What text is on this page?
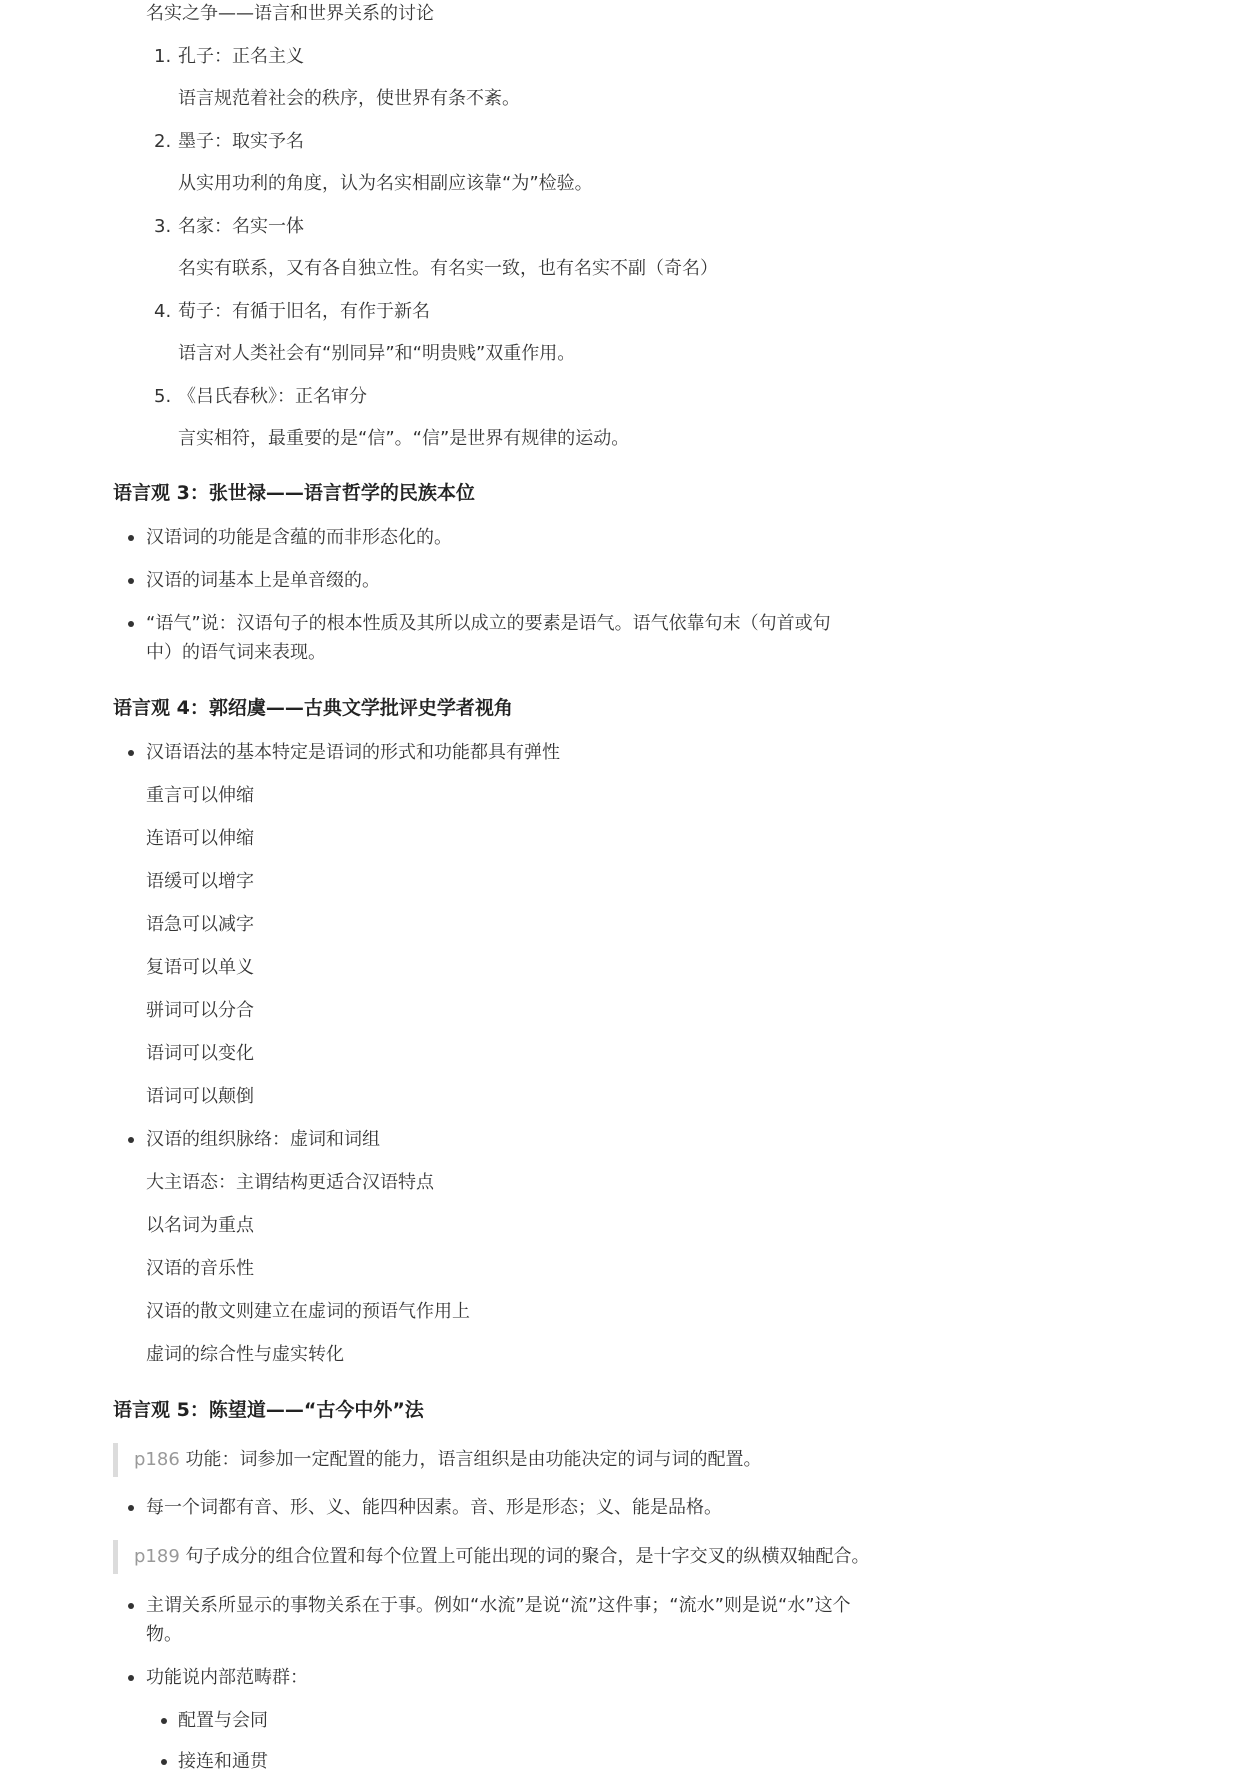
名实之争——语言和世界关系的讨论
1. 孔子：正名主义
语言规范着社会的秩序，使世界有条不紊。
2. 墨子：取实予名
从实用功利的角度，认为名实相副应该靠“为”检验。
3. 名家：名实一体
名实有联系，又有各自独立性。有名实一致，也有名实不副（奇名）
4. 荀子：有循于旧名，有作于新名
语言对人类社会有“别同异”和“明贵贱”双重作用。
5. 《吕氏春秋》：正名审分
言实相符，最重要的是“信”。“信”是世界有规律的运动。
语言观 3：张世禄——语言哲学的民族本位
汉语词的功能是含蕴的而非形态化的。
汉语的词基本上是单音缀的。
“语气”说：汉语句子的根本性质及其所以成立的要素是语气。语气依靠句末（句首或句
中）的语气词来表现。
语言观 4：郭绍虞——古典文学批评史学者视角
汉语语法的基本特定是语词的形式和功能都具有弹性
重言可以伸缩
连语可以伸缩
语缓可以增字
语急可以减字
复语可以单义
骈词可以分合
语词可以变化
语词可以颠倒
汉语的组织脉络：虚词和词组
大主语态：主谓结构更适合汉语特点
以名词为重点
汉语的音乐性
汉语的散文则建立在虚词的预语气作用上
虚词的综合性与虚实转化
语言观 5：陈望道——“古今中外”法
p186 功能：词参加一定配置的能力，语言组织是由功能决定的词与词的配置。
每一个词都有音、形、义、能四种因素。音、形是形态；义、能是品格。
p189 句子成分的组合位置和每个位置上可能出现的词的聚合，是十字交叉的纵横双轴配合。
主谓关系所显示的事物关系在于事。例如“水流”是说“流”这件事；“流水”则是说“水”这个
物。
功能说内部范畴群：
配置与会同
接连和通贯
